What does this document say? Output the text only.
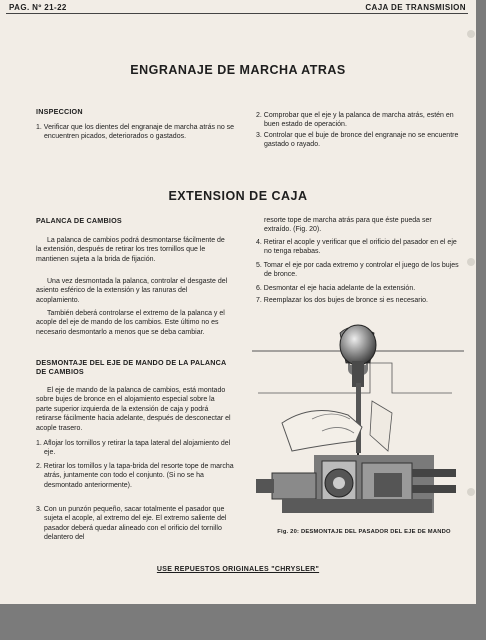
PAG. Nº 21-22	CAJA DE TRANSMISION
ENGRANAJE DE MARCHA ATRAS
INSPECCION

1. Verificar que los dientes del engranaje de marcha atrás no se encuentren picados, deteriorados o gastados.

2. Comprobar que el eje y la palanca de marcha atrás, estén en buen estado de operación.

3. Controlar que el buje de bronce del engranaje no se encuentre gastado o rayado.

EXTENSION DE CAJA
PALANCA DE CAMBIOS

La palanca de cambios podrá desmontarse fácilmente de la extensión, después de retirar los tres tornillos que le mantienen sujeta a la brida de fijación.

Una vez desmontada la palanca, controlar el desgaste del asiento esférico de la extensión y las ranuras del acoplamiento.

También deberá controlarse el extremo de la palanca y el acople del eje de mando de los cambios. Este último no es necesario desmontarlo a menos que se deba cambiar.

DESMONTAJE DEL EJE DE MANDO DE LA PALANCA DE CAMBIOS

El eje de mando de la palanca de cambios, está montado sobre bujes de bronce en el alojamiento especial sobre la parte superior izquierda de la extensión de caja y podrá retirarse fácilmente hacia adelante, después de desconectar el acople trasero.

1. Aflojar los tornillos y retirar la tapa lateral del alojamiento del eje.

2. Retirar los tornillos y la tapa-brida del resorte tope de marcha atrás, juntamente con todo el conjunto. (Si no se ha desmontado anteriormente).

3. Con un punzón pequeño, sacar totalmente el pasador que sujeta el acople, al extremo del eje. El extremo saliente del pasador deberá quedar alineado con el orificio del tornillo delantero del

resorte tope de marcha atrás para que éste pueda ser extraído. (Fig. 20).

4. Retirar el acople y verificar que el orificio del pasador en el eje no tenga rebabas.

5. Tomar el eje por cada extremo y controlar el juego de los bujes de bronce.

6. Desmontar el eje hacia adelante de la extensión.

7. Reemplazar los dos bujes de bronce si es necesario.

Fig. 20: DESMONTAJE DEL PASADOR DEL EJE DE MANDO
USE REPUESTOS ORIGINALES "CHRYSLER"
